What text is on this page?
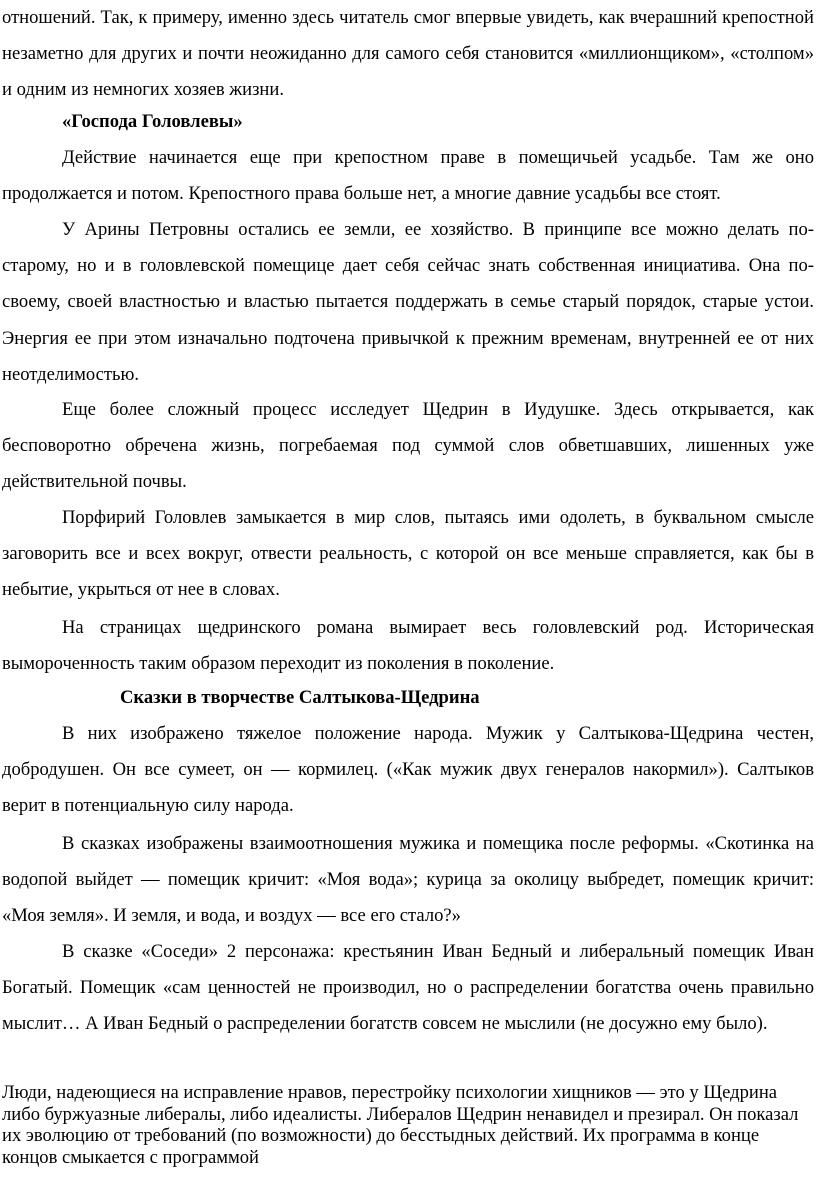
отношений. Так, к примеру, именно здесь читатель смог впервые увидеть, как вчерашний крепостной незаметно для других и почти неожиданно для самого себя становится «миллионщиком», «столпом» и одним из немногих хозяев жизни.

«Господа Головлевы»

Действие начинается еще при крепостном праве в помещичьей усадьбе. Там же оно продолжается и потом. Крепостного права больше нет, а многие давние усадьбы все стоят.

У Арины Петровны остались ее земли, ее хозяйство. В принципе все можно делать по-старому, но и в головлевской помещице дает себя сейчас знать собственная инициатива. Она по-своему, своей властностью и властью пытается поддержать в семье старый порядок, старые устои. Энергия ее при этом изначально подточена привычкой к прежним временам, внутренней ее от них неотделимостью.

Еще более сложный процесс исследует Щедрин в Иудушке. Здесь открывается, как бесповоротно обречена жизнь, погребаемая под суммой слов обветшавших, лишенных уже действительной почвы.

Порфирий Головлев замыкается в мир слов, пытаясь ими одолеть, в буквальном смысле заговорить все и всех вокруг, отвести реальность, с которой он все меньше справляется, как бы в небытие, укрыться от нее в словах.

На страницах щедринского романа вымирает весь головлевский род. Историческая вымороченность таким образом переходит из поколения в поколение.

Сказки в творчестве Салтыкова-Щедрина

В них изображено тяжелое положение народа. Мужик у Салтыкова-Щедрина честен, добродушен. Он все сумеет, он — кормилец. («Как мужик двух генералов накормил»). Салтыков верит в потенциальную силу народа.

В сказках изображены взаимоотношения мужика и помещика после реформы. «Скотинка на водопой выйдет — помещик кричит: «Моя вода»; курица за околицу выбредет, помещик кричит: «Моя земля». И земля, и вода, и воздух — все его стало?»

В сказке «Соседи» 2 персонажа: крестьянин Иван Бедный и либеральный помещик Иван Богатый. Помещик «сам ценностей не производил, но о распределении богатства очень правильно мыслит… А Иван Бедный о распределении богатств совсем не мыслили (не досужно ему было).

Люди, надеющиеся на исправление нравов, перестройку психологии хищников — это у Щедрина либо буржуазные либералы, либо идеалисты. Либералов Щедрин ненавидел и презирал. Он показал их эволюцию от требований (по возможности) до бесстыдных действий. Их программа в конце концов смыкается с программой
